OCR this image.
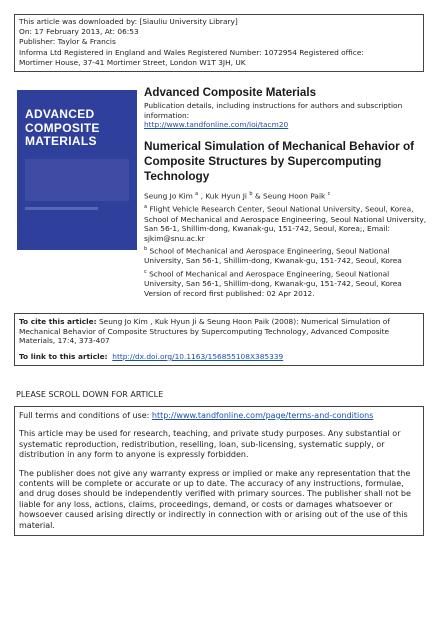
This article was downloaded by: [Siauliu University Library]
On: 17 February 2013, At: 06:53
Publisher: Taylor & Francis
Informa Ltd Registered in England and Wales Registered Number: 1072954 Registered office:
Mortimer House, 37-41 Mortimer Street, London W1T 3JH, UK
ADVANCED
COMPOSITE
MATERIALS
Advanced Composite Materials
Publication details, including instructions for authors and subscription information:
http://www.tandfonline.com/loi/tacm20
Numerical Simulation of Mechanical Behavior of Composite Structures by Supercomputing Technology
Seung Jo Kim $^a$ , Kuk Hyun Ji $^b$ & Seung Hoon Paik $^c$
$^a$ Flight Vehicle Research Center, Seoul National University, Seoul, Korea, School of Mechanical and Aerospace Engineering, Seoul National University, San 56-1, Shillim-dong, Kwanak-gu, 151-742, Seoul, Korea;, Email: sjkim@snu.ac.kr
$^b$ School of Mechanical and Aerospace Engineering, Seoul National University, San 56-1, Shillim-dong, Kwanak-gu, 151-742, Seoul, Korea
$^c$ School of Mechanical and Aerospace Engineering, Seoul National University, San 56-1, Shillim-dong, Kwanak-gu, 151-742, Seoul, Korea
Version of record first published: 02 Apr 2012.
To cite this article: Seung Jo Kim , Kuk Hyun Ji & Seung Hoon Paik (2008): Numerical Simulation of Mechanical Behavior of Composite Structures by Supercomputing Technology, Advanced Composite Materials, 17:4, 373-407
To link to this article: http://dx.doi.org/10.1163/156855108X385339
PLEASE SCROLL DOWN FOR ARTICLE

Full terms and conditions of use: http://www.tandfonline.com/page/terms-and-conditions

This article may be used for research, teaching, and private study purposes. Any substantial or systematic reproduction, redistribution, reselling, loan, sub-licensing, systematic supply, or distribution in any form to anyone is expressly forbidden.

The publisher does not give any warranty express or implied or make any representation that the contents will be complete or accurate or up to date. The accuracy of any instructions, formulae, and drug doses should be independently verified with primary sources. The publisher shall not be liable for any loss, actions, claims, proceedings, demand, or costs or damages whatsoever or howsoever caused arising directly or indirectly in connection with or arising out of the use of this material.
